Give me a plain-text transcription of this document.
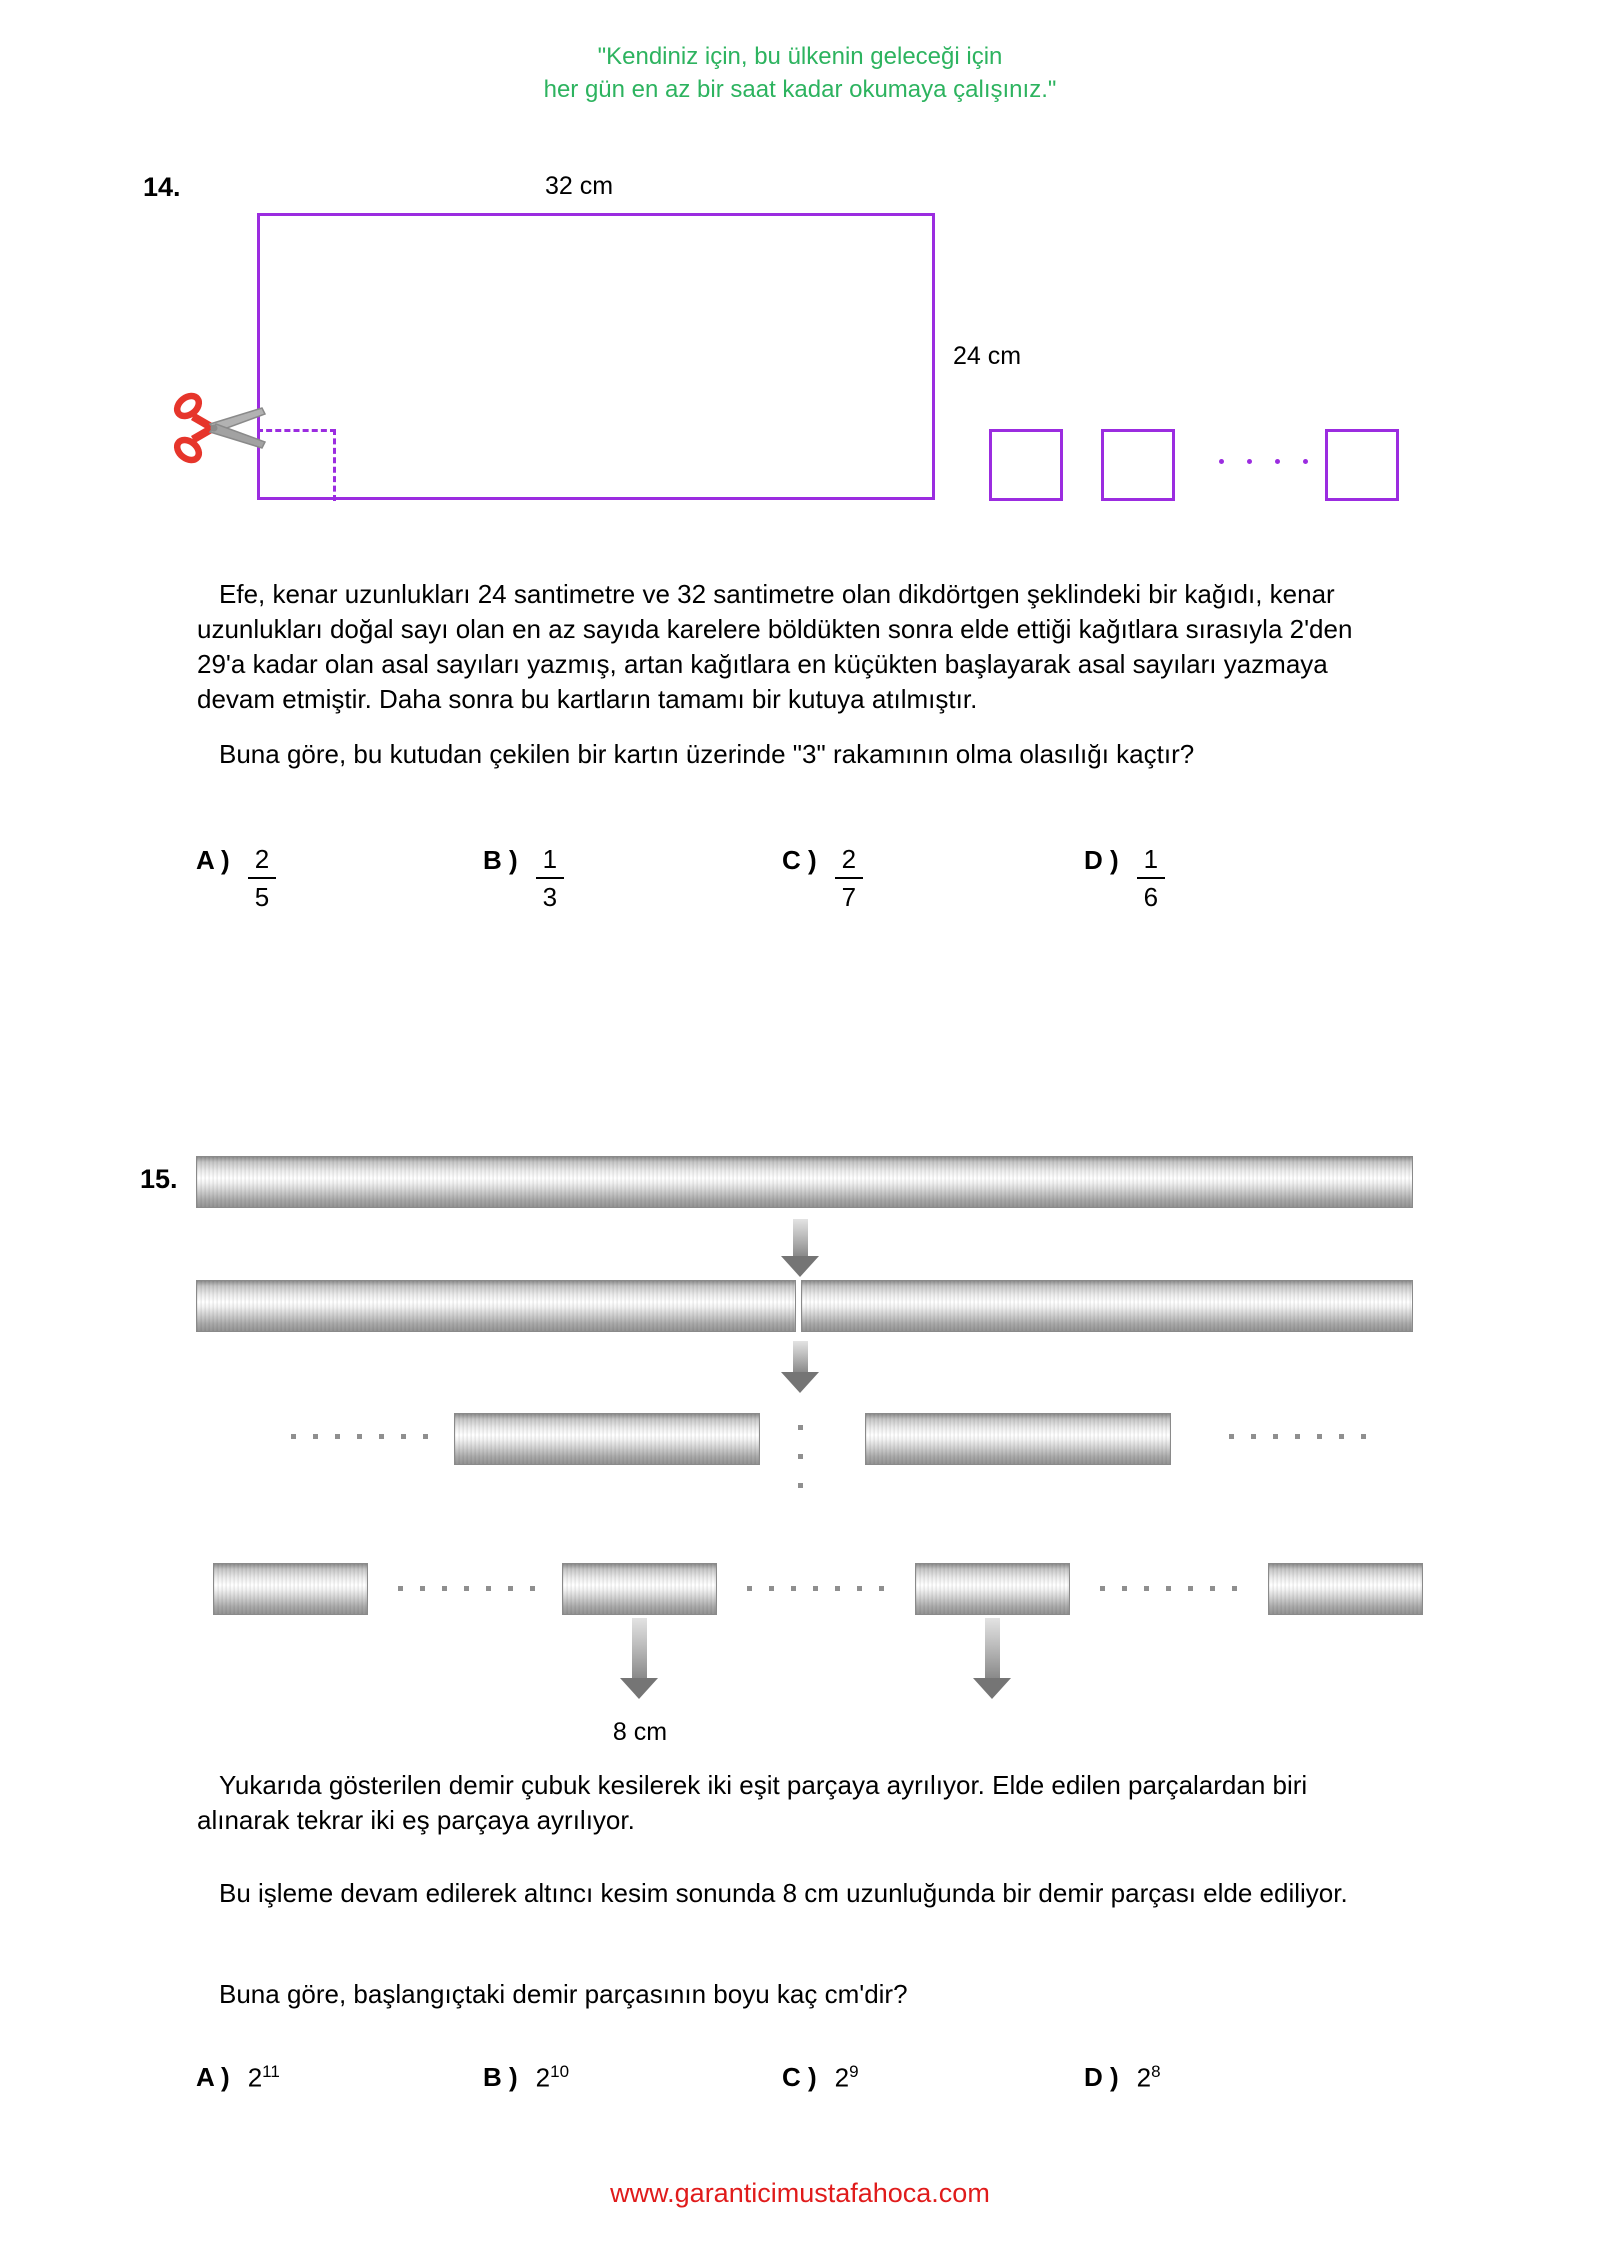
"Kendiniz için, bu ülkenin geleceği için
her gün en az bir saat kadar okumaya çalışınız."
14.	32 cm
24 cm
Efe, kenar uzunlukları 24 santimetre ve 32 santimetre olan dikdörtgen şeklindeki bir kağıdı, kenar uzunlukları doğal sayı olan en az sayıda karelere böldükten sonra elde ettiği kağıtlara sırasıyla 2'den 29'a kadar olan asal sayıları yazmış, artan kağıtlara en küçükten başlayarak asal sayıları yazmaya devam etmiştir. Daha sonra bu kartların tamamı bir kutuya atılmıştır.
Buna göre, bu kutudan çekilen bir kartın üzerinde "3" rakamının olma olasılığı kaçtır?
A ) $\frac{2}{5}$	B ) $\frac{1}{3}$	C ) $\frac{2}{7}$	D ) $\frac{1}{6}$
15.
8 cm
Yukarıda gösterilen demir çubuk kesilerek iki eşit parçaya ayrılıyor. Elde edilen parçalardan biri alınarak tekrar iki eş parçaya ayrılıyor.
Bu işleme devam edilerek altıncı kesim sonunda 8 cm uzunluğunda bir demir parçası elde ediliyor.
Buna göre, başlangıçtaki demir parçasının boyu kaç cm'dir?
A ) $2^{11}$	B ) $2^{10}$	C ) $2^9$	D ) $2^8$
www.garanticimustafahoca.com
